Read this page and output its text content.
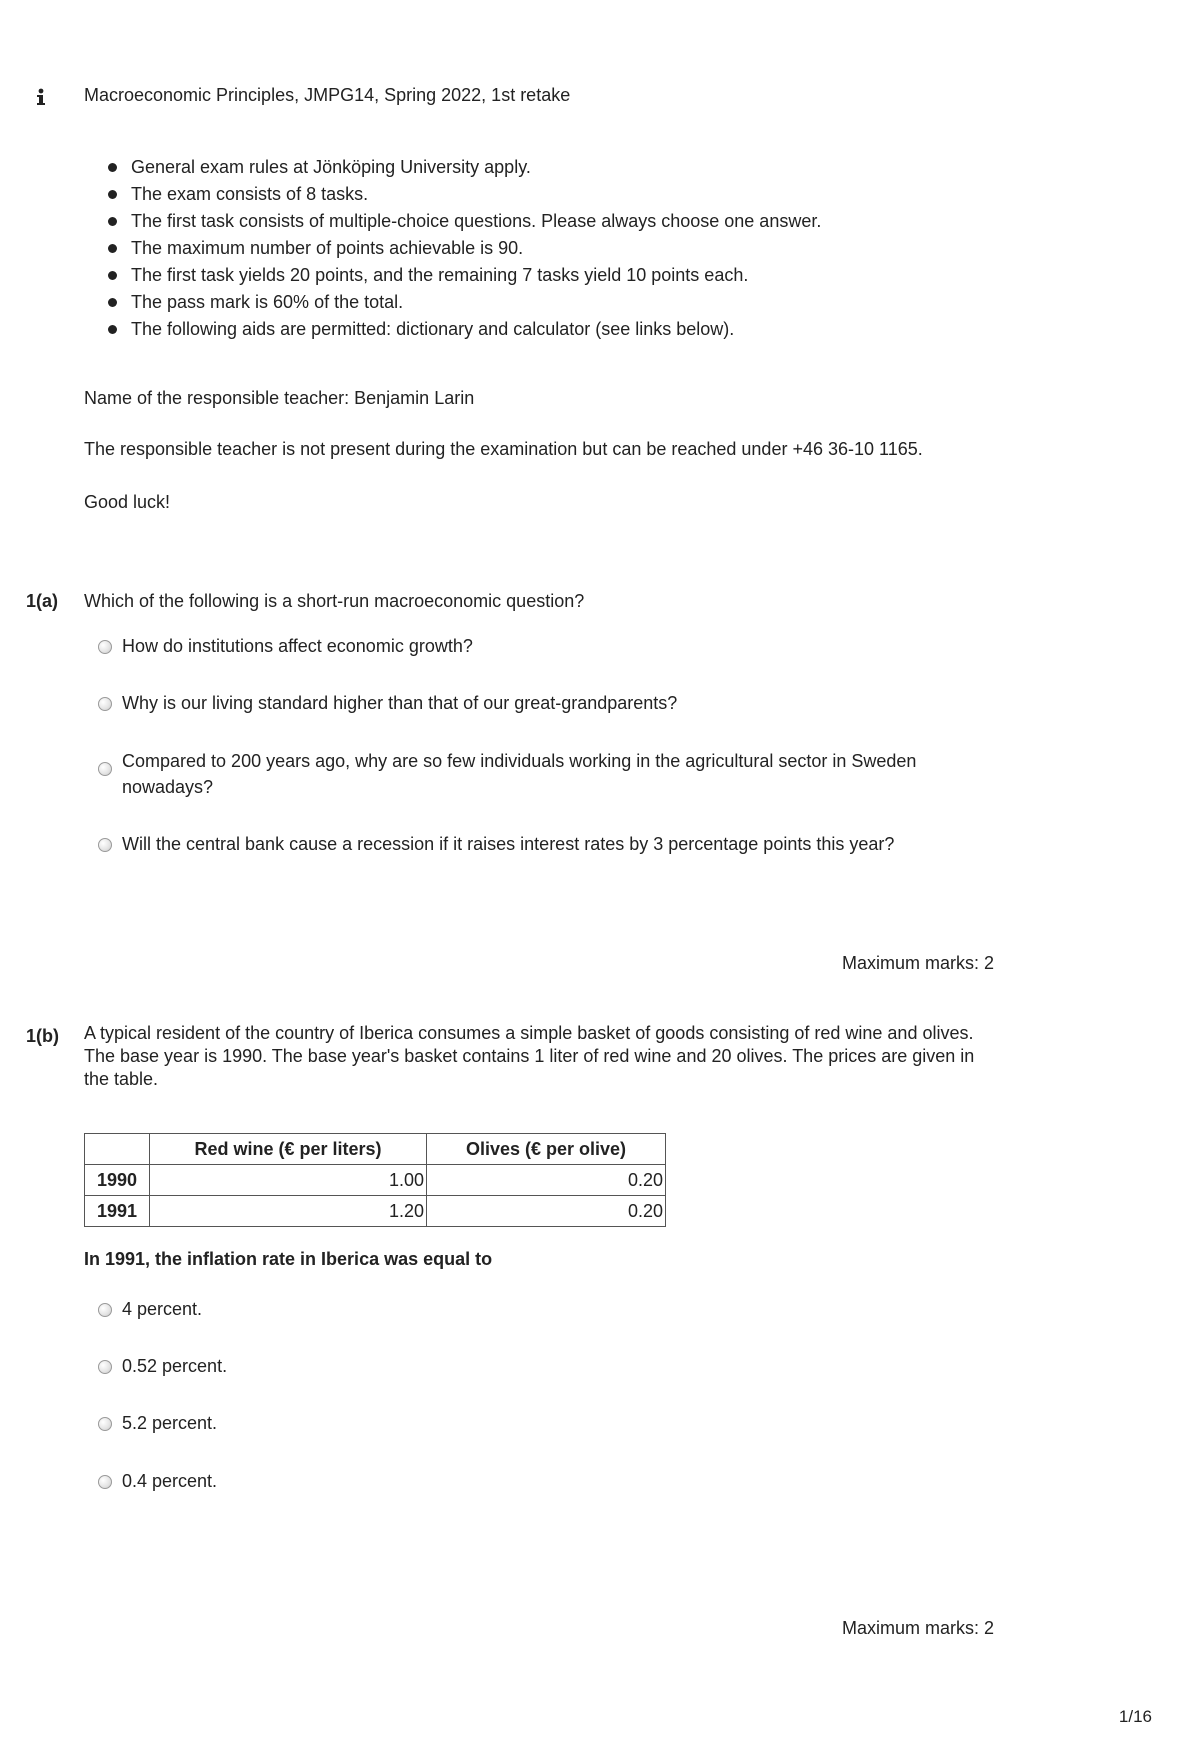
Macroeconomic Principles, JMPG14, Spring 2022, 1st retake
General exam rules at Jönköping University apply.
The exam consists of 8 tasks.
The first task consists of multiple-choice questions. Please always choose one answer.
The maximum number of points achievable is 90.
The first task yields 20 points, and the remaining 7 tasks yield 10 points each.
The pass mark is 60% of the total.
The following aids are permitted: dictionary and calculator (see links below).
Name of the responsible teacher: Benjamin Larin
The responsible teacher is not present during the examination but can be reached under +46 36-10 1165.
Good luck!
1(a) Which of the following is a short-run macroeconomic question?
How do institutions affect economic growth?
Why is our living standard higher than that of our great-grandparents?
Compared to 200 years ago, why are so few individuals working in the agricultural sector in Sweden nowadays?
Will the central bank cause a recession if it raises interest rates by 3 percentage points this year?
Maximum marks: 2
1(b) A typical resident of the country of Iberica consumes a simple basket of goods consisting of red wine and olives. The base year is 1990. The base year's basket contains 1 liter of red wine and 20 olives. The prices are given in the table.
	Red wine (€ per liters)	Olives (€ per olive)
1990	1.00	0.20
1991	1.20	0.20
In 1991, the inflation rate in Iberica was equal to
4 percent.
0.52 percent.
5.2 percent.
0.4 percent.
Maximum marks: 2
1/16
